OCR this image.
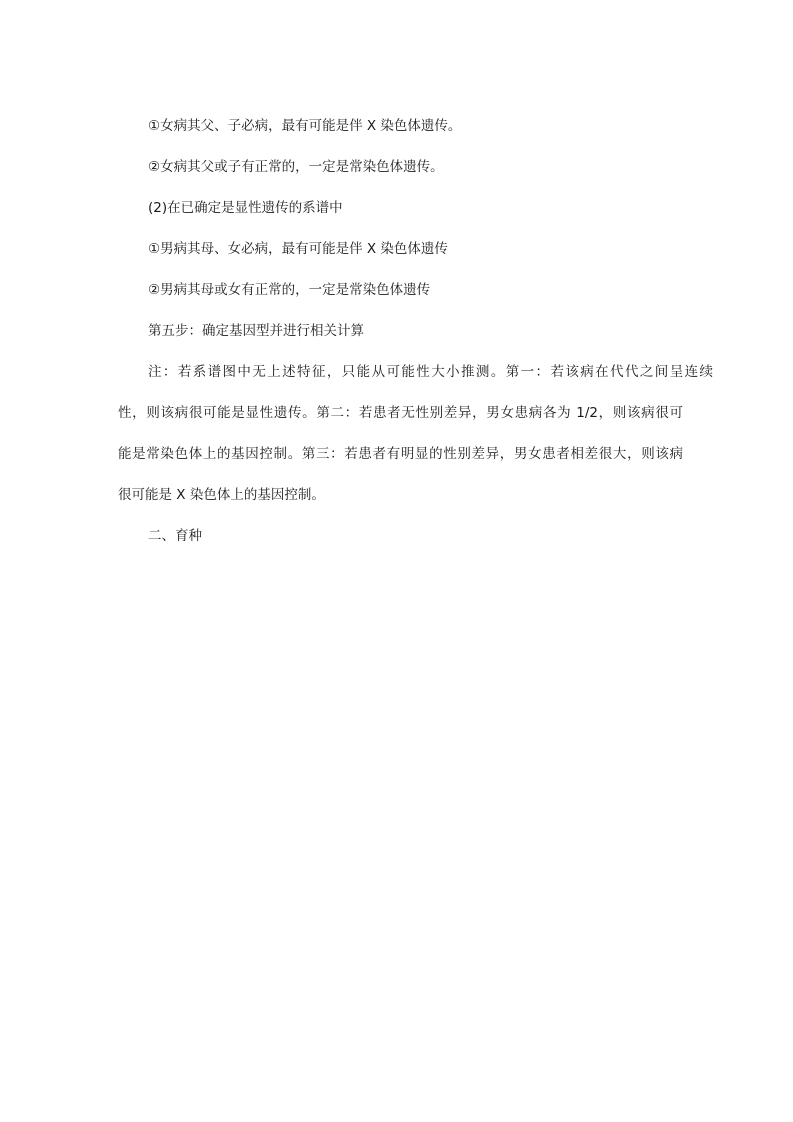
①女病其父、子必病，最有可能是伴 X 染色体遗传。

②女病其父或子有正常的，一定是常染色体遗传。

(2)在已确定是显性遗传的系谱中

①男病其母、女必病，最有可能是伴 X 染色体遗传

②男病其母或女有正常的，一定是常染色体遗传

第五步：确定基因型并进行相关计算

注：若系谱图中无上述特征，只能从可能性大小推测。第一：若该病在代代之间呈连续

性，则该病很可能是显性遗传。第二：若患者无性别差异，男女患病各为 1/2，则该病很可

能是常染色体上的基因控制。第三：若患者有明显的性别差异，男女患者相差很大，则该病

很可能是 X 染色体上的基因控制。

二、育种
